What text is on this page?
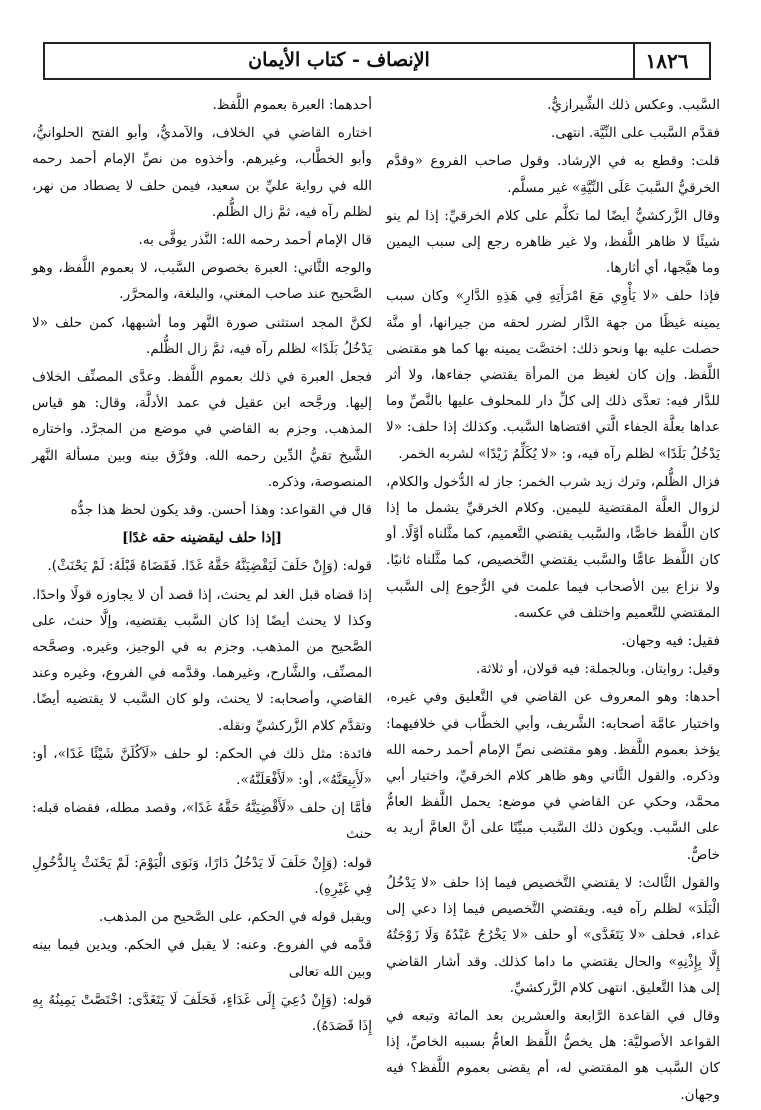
١٨٢٦
الإنصاف - كتاب الأيمان

السَّبب. وعكس ذلك الشِّيرازيُّ.

فقدَّم السَّبب على النِّيَّة. انتهى.

قلت: وقطع به في الإرشاد. وقول صاحب الفروع «وقدَّم الخرقيُّ السَّببَ عَلَى النِّيَّةِ» غير مسلَّم.

وقال الزَّركشيُّ أيضًا لما تكلَّم على كلام الخرقيِّ: إذا لم ينو شيئًا لا ظاهر اللَّفظ، ولا غير ظاهره رجع إلى سبب اليمين وما هيَّجها، أي أثارها.

فإذا حلف «لا يَأْوِي مَعَ امْرَأَتِهِ فِي هَذِهِ الدَّارِ» وكان سبب يمينه غيظًا من جهة الدَّار لضرر لحقه من جيرانها، أو منَّة حصلت عليه بها ونحو ذلك: اختصَّت يمينه بها كما هو مقتضى اللَّفظ. وإن كان لغيظ من المرأة يقتضي جفاءها، ولا أثر للدَّار فيه: تعدَّى ذلك إلى كلِّ دار للمحلوف عليها بالنَّصِّ وما عداها بعلَّة الجفاء الَّتي اقتضاها السَّبب. وكذلك إذا حلف: «لا يَدْخُلُ بَلَدًا» لظلم رآه فيه، و: «لا يُكَلِّمُ زَيْدًا» لشربه الخمر.

فزال الظُّلم، وترك زيد شرب الخمر: جاز له الدُّخول والكلام، لزوال العلَّة المقتضية لليمين. وكلام الخرقيِّ يشمل ما إذا كان اللَّفظ خاصًّا، والسَّبب يقتضي التَّعميم، كما مثَّلناه أوَّلًا. أو كان اللَّفظ عامًّا والسَّبب يقتضي التَّخصيص، كما مثَّلناه ثانيًا. ولا نزاع بين الأصحاب فيما علمت في الرُّجوع إلى السَّبب المقتضي للتَّعميم واختلف في عكسه.

فقيل: فيه وجهان.

وقيل: روايتان. وبالجملة: فيه قولان، أو ثلاثة.

أحدها: وهو المعروف عن القاضي في التَّعليق وفي غيره، واختيار عامَّة أصحابه: الشَّريف، وأبي الخطَّاب في خلافيهما: يؤخذ بعموم اللَّفظ. وهو مقتضى نصِّ الإمام أحمد رحمه الله وذكره. والقول الثَّاني وهو ظاهر كلام الخرقيِّ، واختيار أبي محمَّد، وحكي عن القاضي في موضع: يحمل اللَّفظ العامُّ على السَّبب. ويكون ذلك السَّبب مبيِّنًا على أنَّ العامَّ أريد به خاصٌّ.

والقول الثَّالث: لا يقتضي التَّخصيص فيما إذا حلف «لا يَدْخُلُ الْبَلَدَ» لظلم رآه فيه. ويقتضي التَّخصيص فيما إذا دعي إلى غداء، فحلف «لا يَتَغَدَّى» أو حلف «لا يَخْرُجُ عَبْدُهُ وَلَا زَوْجَتُهُ إِلَّا بِإِذْنِهِ» والحال يقتضي ما داما كذلك. وقد أشار القاضي إلى هذا التَّعليق. انتهى كلام الزَّركشيِّ.

وقال في القاعدة الرَّابعة والعشرين بعد المائة وتبعه في القواعد الأصوليَّة: هل يخصُّ اللَّفظ العامُّ بسببه الخاصِّ، إذا كان السَّبب هو المقتضي له، أم يقضى بعموم اللَّفظ؟ فيه وجهان.

أحدهما: العبرة بعموم اللَّفظ.

اختاره القاضي في الخلاف، والآمديُّ، وأبو الفتح الحلوانيُّ، وأبو الخطَّاب، وغيرهم. وأخذوه من نصِّ الإمام أحمد رحمه الله في رواية عليِّ بن سعيد، فيمن حلف لا يصطاد من نهر، لظلم رآه فيه، ثمَّ زال الظُّلم.

قال الإمام أحمد رحمه الله: النَّذر يوفَّى به.

والوجه الثَّاني: العبرة بخصوص السَّبب، لا بعموم اللَّفظ، وهو الصَّحيح عند صاحب المغني، والبلغة، والمحرَّر.

لكنَّ المجد استثنى صورة النَّهر وما أشبهها، كمن حلف «لا يَدْخُلُ بَلَدًا» لظلم رآه فيه، ثمَّ زال الظُّلم.

فجعل العبرة في ذلك بعموم اللَّفظ. وعدَّى المصنِّف الخلاف إليها. ورجَّحه ابن عقيل في عمد الأدلَّة، وقال: هو قياس المذهب. وجزم به القاضي في موضع من المجرَّد. واختاره الشَّيخ تقيُّ الدِّين رحمه الله. وفرَّق بينه وبين مسألة النَّهر المنصوصة، وذكره.

قال في القواعد: وهذا أحسن. وقد يكون لحظ هذا جدُّه

[إذا حلف ليقضينه حقه غدًا]

قوله: (وَإِنْ حَلَفَ لَيَقْضِيَنَّهُ حَقَّهُ غَدًا. فَقَضَاهُ قَبْلَهُ: لَمْ يَحْنَثْ).

إذا قضاه قبل الغد لم يحنث، إذا قصد أن لا يجاوزه قولًا واحدًا. وكذا لا يحنث أيضًا إذا كان السَّبب يقتضيه، وإلَّا حنث، على الصَّحيح من المذهب. وجزم به في الوجيز، وغيره. وصحَّحه المصنِّف، والشَّارح، وغيرهما. وقدَّمه في الفروع، وغيره وعند القاضي، وأصحابه: لا يحنث، ولو كان السَّبب لا يقتضيه أيضًا. وتقدَّم كلام الزَّركشيِّ ونقله.

فائدة: مثل ذلك في الحكم: لو حلف «لَآكُلَنَّ شَيْئًا غَدًا»، أو: «لَأَبِيعَنَّهُ»، أو: «لَأَفْعَلَنَّهُ».

فأمَّا إن حلف «لَأَقْضِيَنَّهُ حَقَّهُ غَدًا»، وقصد مطله، فقضاه قبله: حنث

قوله: (وَإِنْ حَلَفَ لَا يَدْخُلُ دَارًا، وَنَوَى الْيَوْمَ: لَمْ يَحْنَثْ بِالدُّخُولِ فِي غَيْرِهِ).

ويقبل قوله في الحكم، على الصَّحيح من المذهب.

قدَّمه في الفروع. وعنه: لا يقبل في الحكم. ويدين فيما بينه وبين الله تعالى

قوله: (وَإِنْ دُعِيَ إِلَى غَدَاءٍ، فَحَلَفَ لَا يَتَغَدَّى: اخْتَصَّتْ يَمِينُهُ بِهِ إِذَا قَصَدَهُ).
